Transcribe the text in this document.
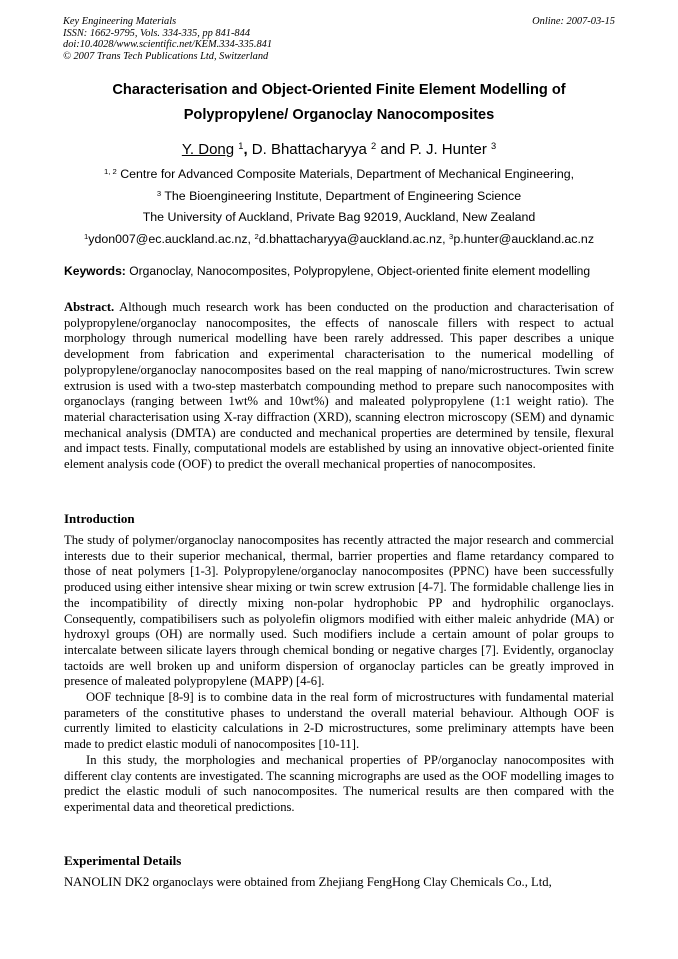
Key Engineering Materials
ISSN: 1662-9795, Vols. 334-335, pp 841-844
doi:10.4028/www.scientific.net/KEM.334-335.841
© 2007 Trans Tech Publications Ltd, Switzerland
Online: 2007-03-15
Characterisation and Object-Oriented Finite Element Modelling of
Polypropylene/ Organoclay Nanocomposites
Y. Dong $^1$, D. Bhattacharyya $^2$ and P. J. Hunter $^3$
$^{1, 2}$ Centre for Advanced Composite Materials, Department of Mechanical Engineering,
$^3$ The Bioengineering Institute, Department of Engineering Science
The University of Auckland, Private Bag 92019, Auckland, New Zealand
$^1$ydon007@ec.auckland.ac.nz, $^2$d.bhattacharyya@auckland.ac.nz, $^3$p.hunter@auckland.ac.nz
Keywords: Organoclay, Nanocomposites, Polypropylene, Object-oriented finite element modelling

Abstract. Although much research work has been conducted on the production and characterisation of polypropylene/organoclay nanocomposites, the effects of nanoscale fillers with respect to actual morphology through numerical modelling have been rarely addressed. This paper describes a unique development from fabrication and experimental characterisation to the numerical modelling of polypropylene/organoclay nanocomposites based on the real mapping of nano/microstructures. Twin screw extrusion is used with a two-step masterbatch compounding method to prepare such nanocomposites with organoclays (ranging between 1wt% and 10wt%) and maleated polypropylene (1:1 weight ratio). The material characterisation using X-ray diffraction (XRD), scanning electron microscopy (SEM) and dynamic mechanical analysis (DMTA) are conducted and mechanical properties are determined by tensile, flexural and impact tests. Finally, computational models are established by using an innovative object-oriented finite element analysis code (OOF) to predict the overall mechanical properties of nanocomposites.

Introduction

The study of polymer/organoclay nanocomposites has recently attracted the major research and commercial interests due to their superior mechanical, thermal, barrier properties and flame retardancy compared to those of neat polymers [1-3]. Polypropylene/organoclay nanocomposites (PPNC) have been successfully produced using either intensive shear mixing or twin screw extrusion [4-7]. The formidable challenge lies in the incompatibility of directly mixing non-polar hydrophobic PP and hydrophilic organoclays. Consequently, compatibilisers such as polyolefin oligmors modified with either maleic anhydride (MA) or hydroxyl groups (OH) are normally used. Such modifiers include a certain amount of polar groups to intercalate between silicate layers through chemical bonding or negative charges [7]. Evidently, organoclay tactoids are well broken up and uniform dispersion of organoclay particles can be greatly improved in presence of maleated polypropylene (MAPP) [4-6].

OOF technique [8-9] is to combine data in the real form of microstructures with fundamental material parameters of the constitutive phases to understand the overall material behaviour. Although OOF is currently limited to elasticity calculations in 2-D microstructures, some preliminary attempts have been made to predict elastic moduli of nanocomposites [10-11].

In this study, the morphologies and mechanical properties of PP/organoclay nanocomposites with different clay contents are investigated. The scanning micrographs are used as the OOF modelling images to predict the elastic moduli of such nanocomposites. The numerical results are then compared with the experimental data and theoretical predictions.

Experimental Details
NANOLIN DK2 organoclays were obtained from Zhejiang FengHong Clay Chemicals Co., Ltd,
